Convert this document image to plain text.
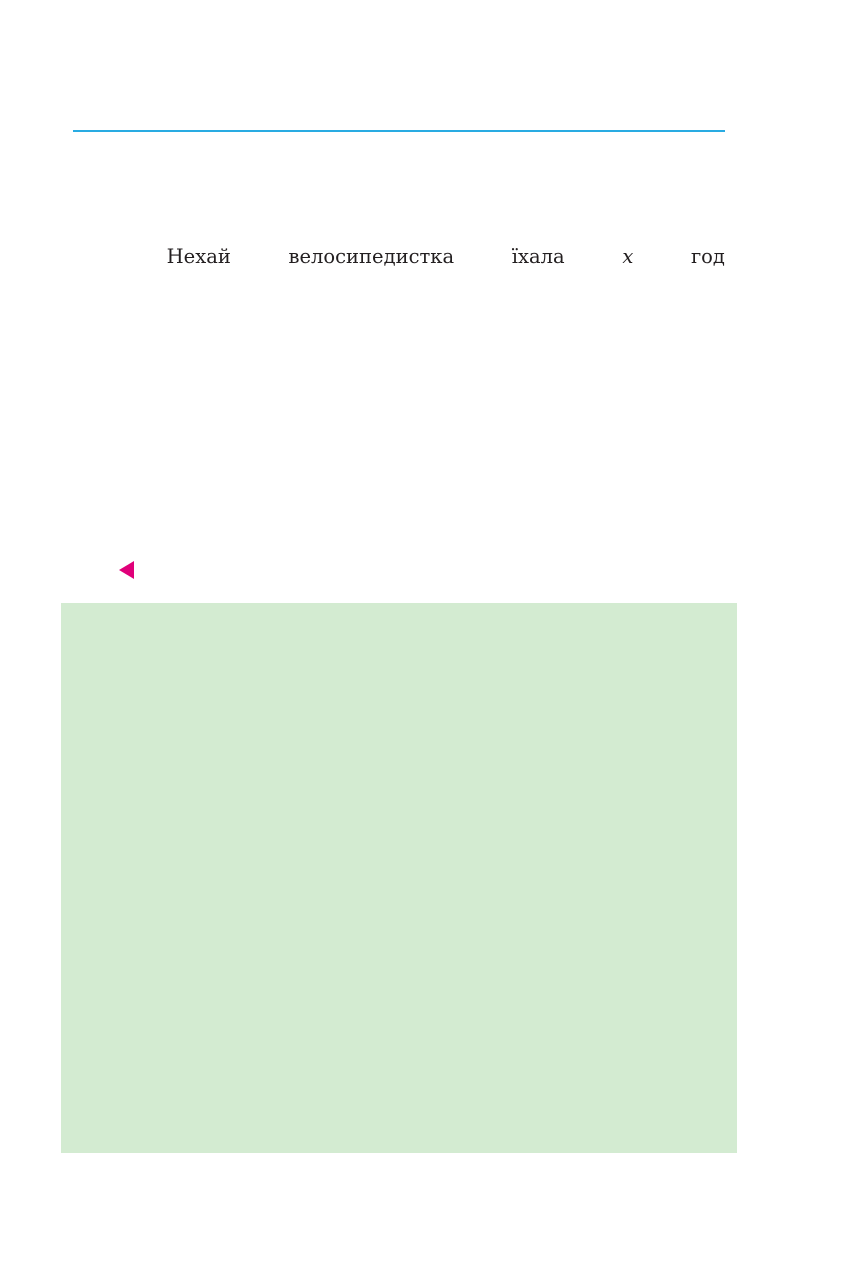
Нехай	велосипедистка	їхала	x	год
